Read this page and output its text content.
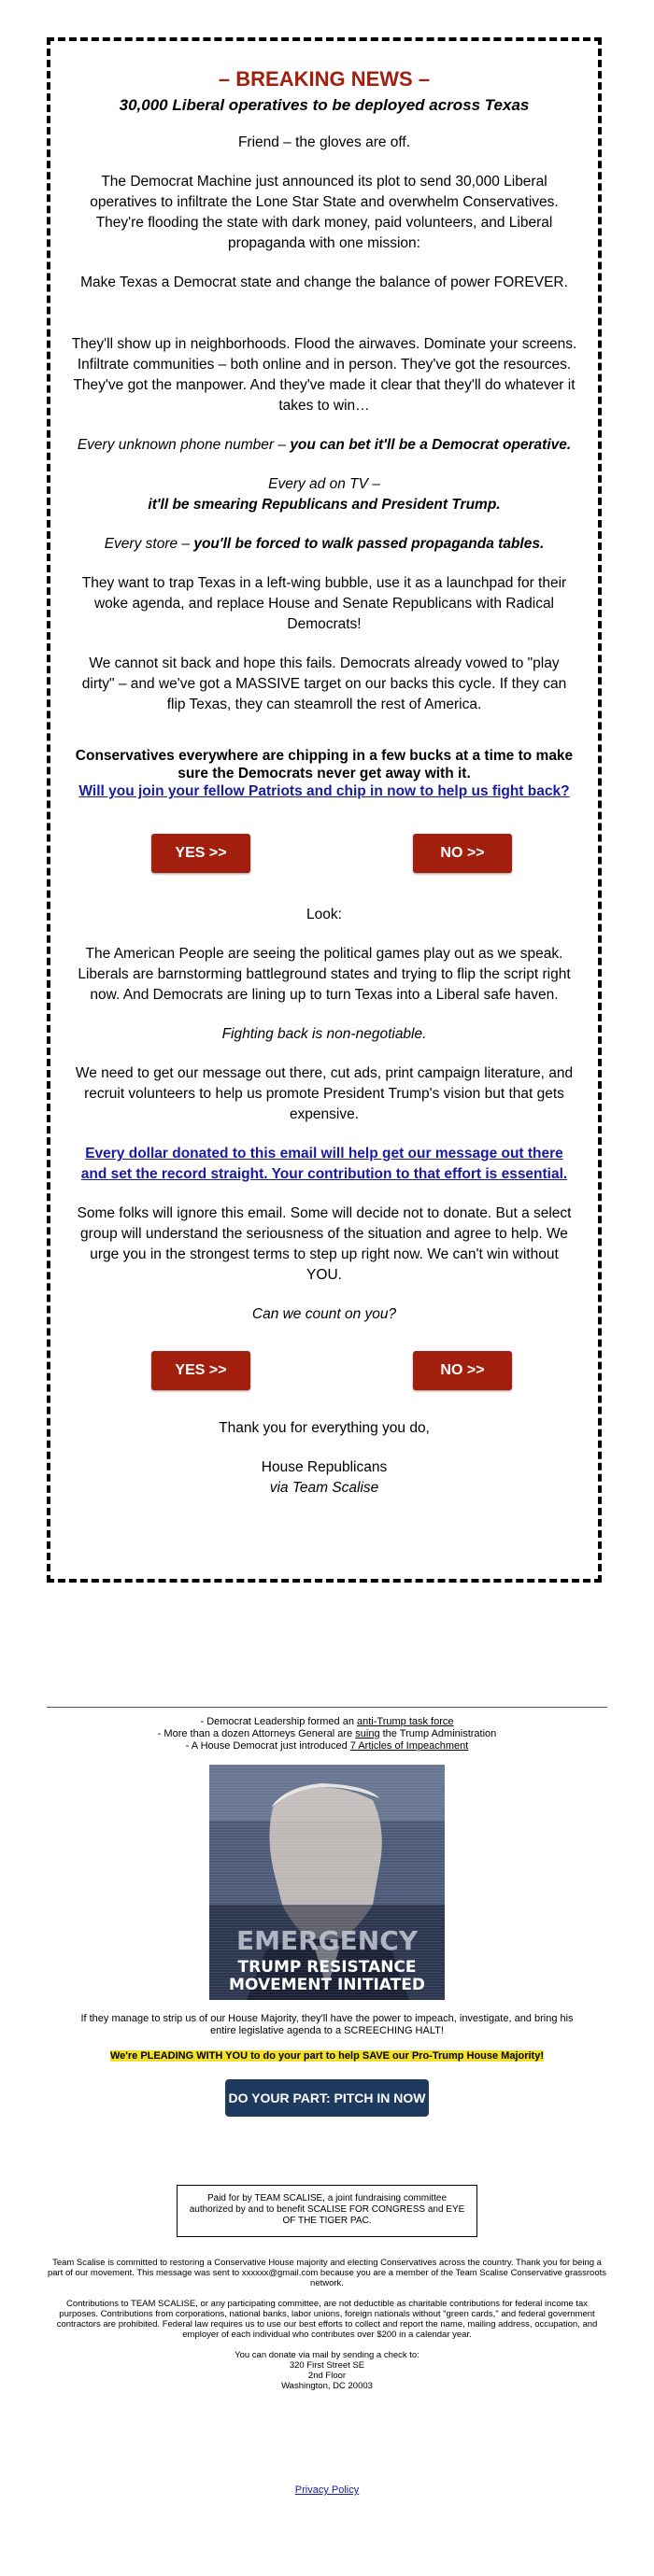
– BREAKING NEWS –

30,000 Liberal operatives to be deployed across Texas

Friend – the gloves are off.

The Democrat Machine just announced its plot to send 30,000 Liberal operatives to infiltrate the Lone Star State and overwhelm Conservatives. They're flooding the state with dark money, paid volunteers, and Liberal propaganda with one mission:

Make Texas a Democrat state and change the balance of power FOREVER.

They'll show up in neighborhoods. Flood the airwaves. Dominate your screens. Infiltrate communities – both online and in person. They've got the resources. They've got the manpower. And they've made it clear that they'll do whatever it takes to win…

Every unknown phone number – you can bet it'll be a Democrat operative.

Every ad on TV –

it'll be smearing Republicans and President Trump.

Every store – you'll be forced to walk passed propaganda tables.

They want to trap Texas in a left-wing bubble, use it as a launchpad for their woke agenda, and replace House and Senate Republicans with Radical Democrats!

We cannot sit back and hope this fails. Democrats already vowed to "play dirty" – and we've got a MASSIVE target on our backs this cycle. If they can flip Texas, they can steamroll the rest of America.

Conservatives everywhere are chipping in a few bucks at a time to make sure the Democrats never get away with it.

Will you join your fellow Patriots and chip in now to help us fight back?

YES >>	NO >>

Look:

The American People are seeing the political games play out as we speak. Liberals are barnstorming battleground states and trying to flip the script right now. And Democrats are lining up to turn Texas into a Liberal safe haven.

Fighting back is non-negotiable.

We need to get our message out there, cut ads, print campaign literature, and recruit volunteers to help us promote President Trump's vision but that gets expensive.

Every dollar donated to this email will help get our message out there and set the record straight. Your contribution to that effort is essential.

Some folks will ignore this email. Some will decide not to donate. But a select group will understand the seriousness of the situation and agree to help. We urge you in the strongest terms to step up right now. We can't win without YOU.

Can we count on you?

YES >>	NO >>

Thank you for everything you do,

House Republicans

via Team Scalise

- Democrat Leadership formed an anti-Trump task force

- More than a dozen Attorneys General are suing the Trump Administration

- A House Democrat just introduced 7 Articles of Impeachment

EMERGENCY
TRUMP RESISTANCE
MOVEMENT INITIATED

If they manage to strip us of our House Majority, they'll have the power to impeach, investigate, and bring his entire legislative agenda to a SCREECHING HALT!

We're PLEADING WITH YOU to do your part to help SAVE our Pro-Trump House Majority!

DO YOUR PART: PITCH IN NOW
Paid for by TEAM SCALISE, a joint fundraising committee authorized by and to benefit SCALISE FOR CONGRESS and EYE OF THE TIGER PAC.

Team Scalise is committed to restoring a Conservative House majority and electing Conservatives across the country. Thank you for being a part of our movement. This message was sent to xxxxxx@gmail.com because you are a member of the Team Scalise Conservative grassroots network.

Contributions to TEAM SCALISE, or any participating committee, are not deductible as charitable contributions for federal income tax purposes. Contributions from corporations, national banks, labor unions, foreign nationals without "green cards," and federal government contractors are prohibited. Federal law requires us to use our best efforts to collect and report the name, mailing address, occupation, and employer of each individual who contributes over $200 in a calendar year.

You can donate via mail by sending a check to:

320 First Street SE

2nd Floor

Washington, DC 20003

Privacy Policy
